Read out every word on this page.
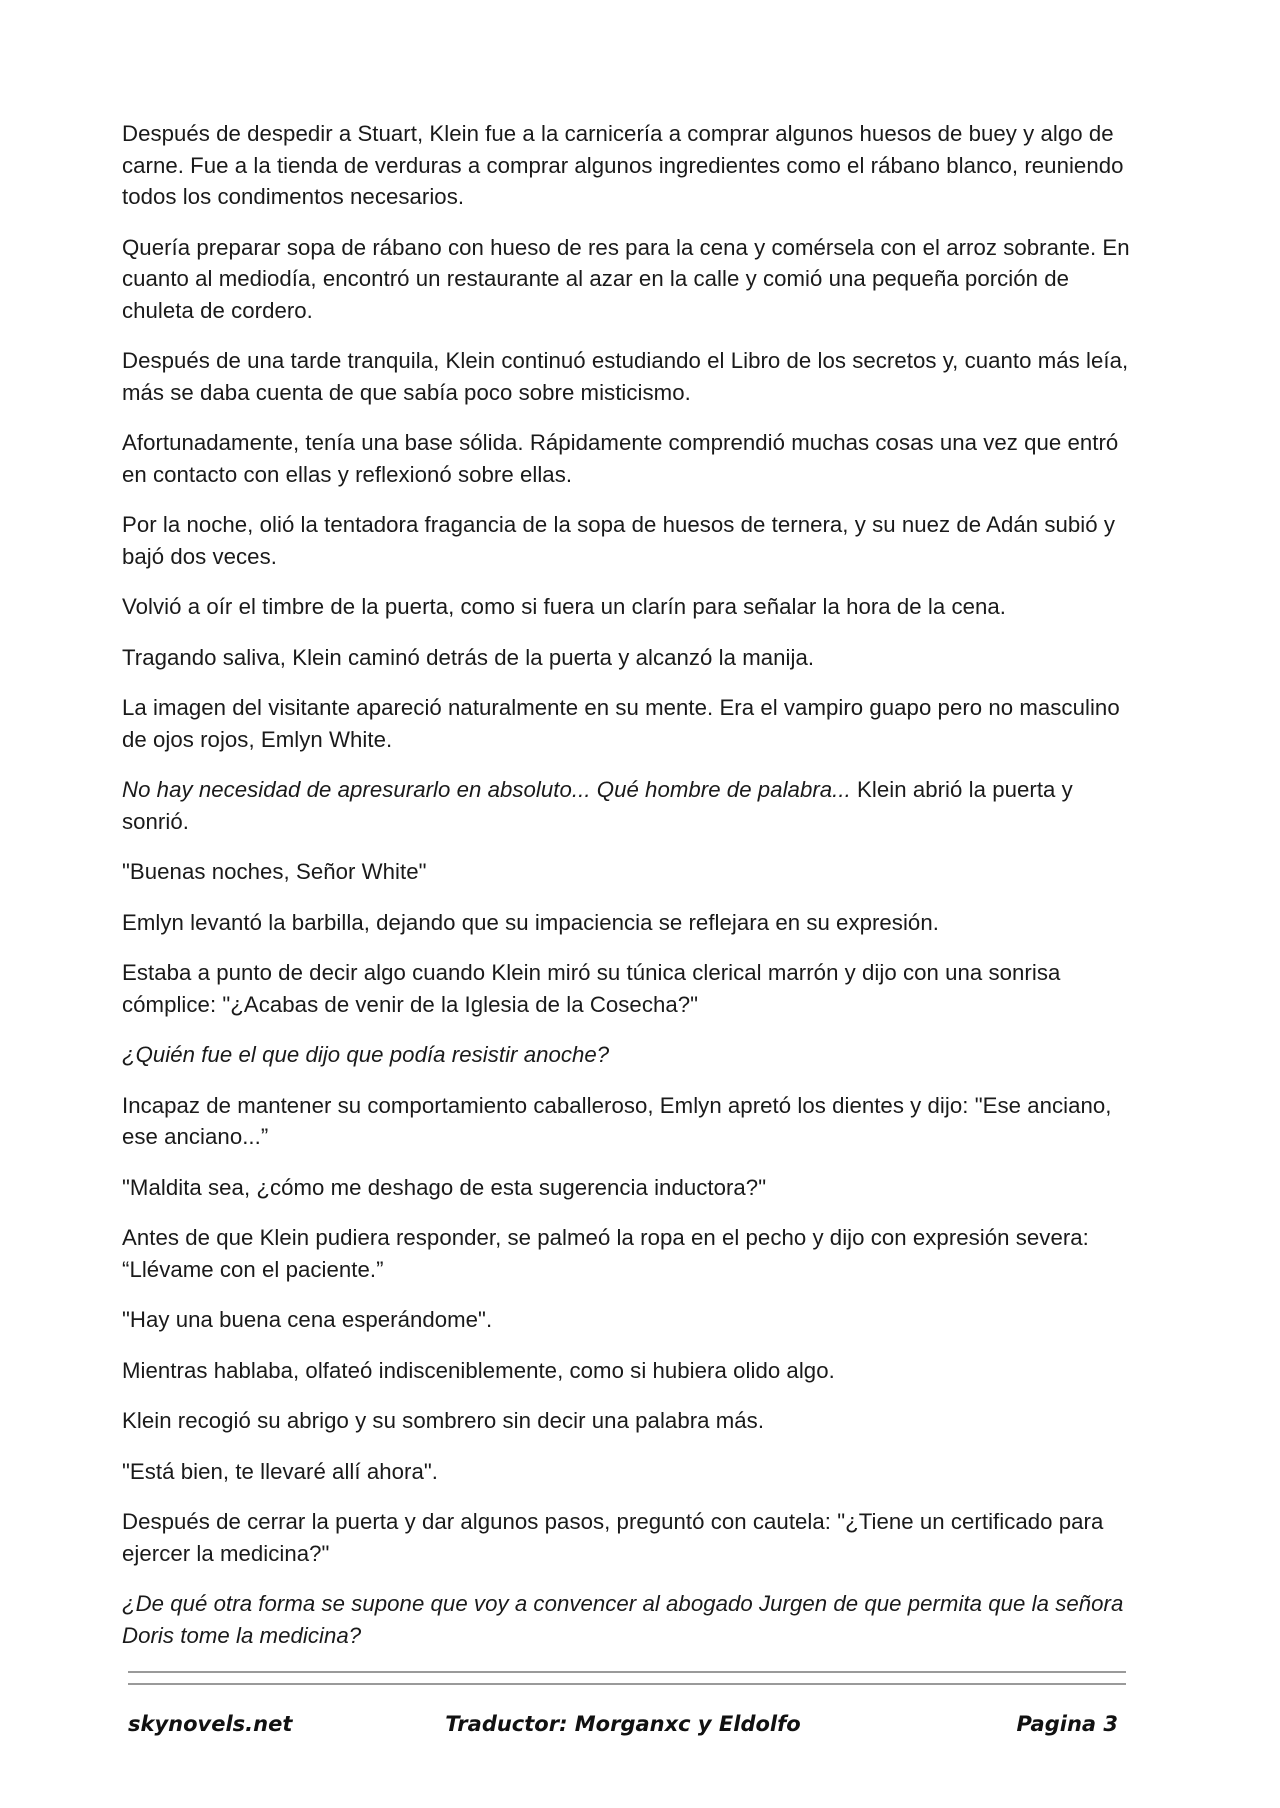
Después de despedir a Stuart, Klein fue a la carnicería a comprar algunos huesos de buey y algo de carne. Fue a la tienda de verduras a comprar algunos ingredientes como el rábano blanco, reuniendo todos los condimentos necesarios.

Quería preparar sopa de rábano con hueso de res para la cena y comérsela con el arroz sobrante. En cuanto al mediodía, encontró un restaurante al azar en la calle y comió una pequeña porción de chuleta de cordero.

Después de una tarde tranquila, Klein continuó estudiando el Libro de los secretos y, cuanto más leía, más se daba cuenta de que sabía poco sobre misticismo.

Afortunadamente, tenía una base sólida. Rápidamente comprendió muchas cosas una vez que entró en contacto con ellas y reflexionó sobre ellas.

Por la noche, olió la tentadora fragancia de la sopa de huesos de ternera, y su nuez de Adán subió y bajó dos veces.

Volvió a oír el timbre de la puerta, como si fuera un clarín para señalar la hora de la cena.

Tragando saliva, Klein caminó detrás de la puerta y alcanzó la manija.

La imagen del visitante apareció naturalmente en su mente. Era el vampiro guapo pero no masculino de ojos rojos, Emlyn White.

No hay necesidad de apresurarlo en absoluto... Qué hombre de palabra... Klein abrió la puerta y sonrió.

"Buenas noches, Señor White"

Emlyn levantó la barbilla, dejando que su impaciencia se reflejara en su expresión.

Estaba a punto de decir algo cuando Klein miró su túnica clerical marrón y dijo con una sonrisa cómplice: "¿Acabas de venir de la Iglesia de la Cosecha?"

¿Quién fue el que dijo que podía resistir anoche?

Incapaz de mantener su comportamiento caballeroso, Emlyn apretó los dientes y dijo: "Ese anciano, ese anciano...”

"Maldita sea, ¿cómo me deshago de esta sugerencia inductora?"

Antes de que Klein pudiera responder, se palmeó la ropa en el pecho y dijo con expresión severa: “Llévame con el paciente.”

"Hay una buena cena esperándome".

Mientras hablaba, olfateó indisceniblemente, como si hubiera olido algo.

Klein recogió su abrigo y su sombrero sin decir una palabra más.

"Está bien, te llevaré allí ahora".

Después de cerrar la puerta y dar algunos pasos, preguntó con cautela: "¿Tiene un certificado para ejercer la medicina?"

¿De qué otra forma se supone que voy a convencer al abogado Jurgen de que permita que la señora Doris tome la medicina?

skynovels.net	Traductor: Morganxc y Eldolfo	Pagina 3
